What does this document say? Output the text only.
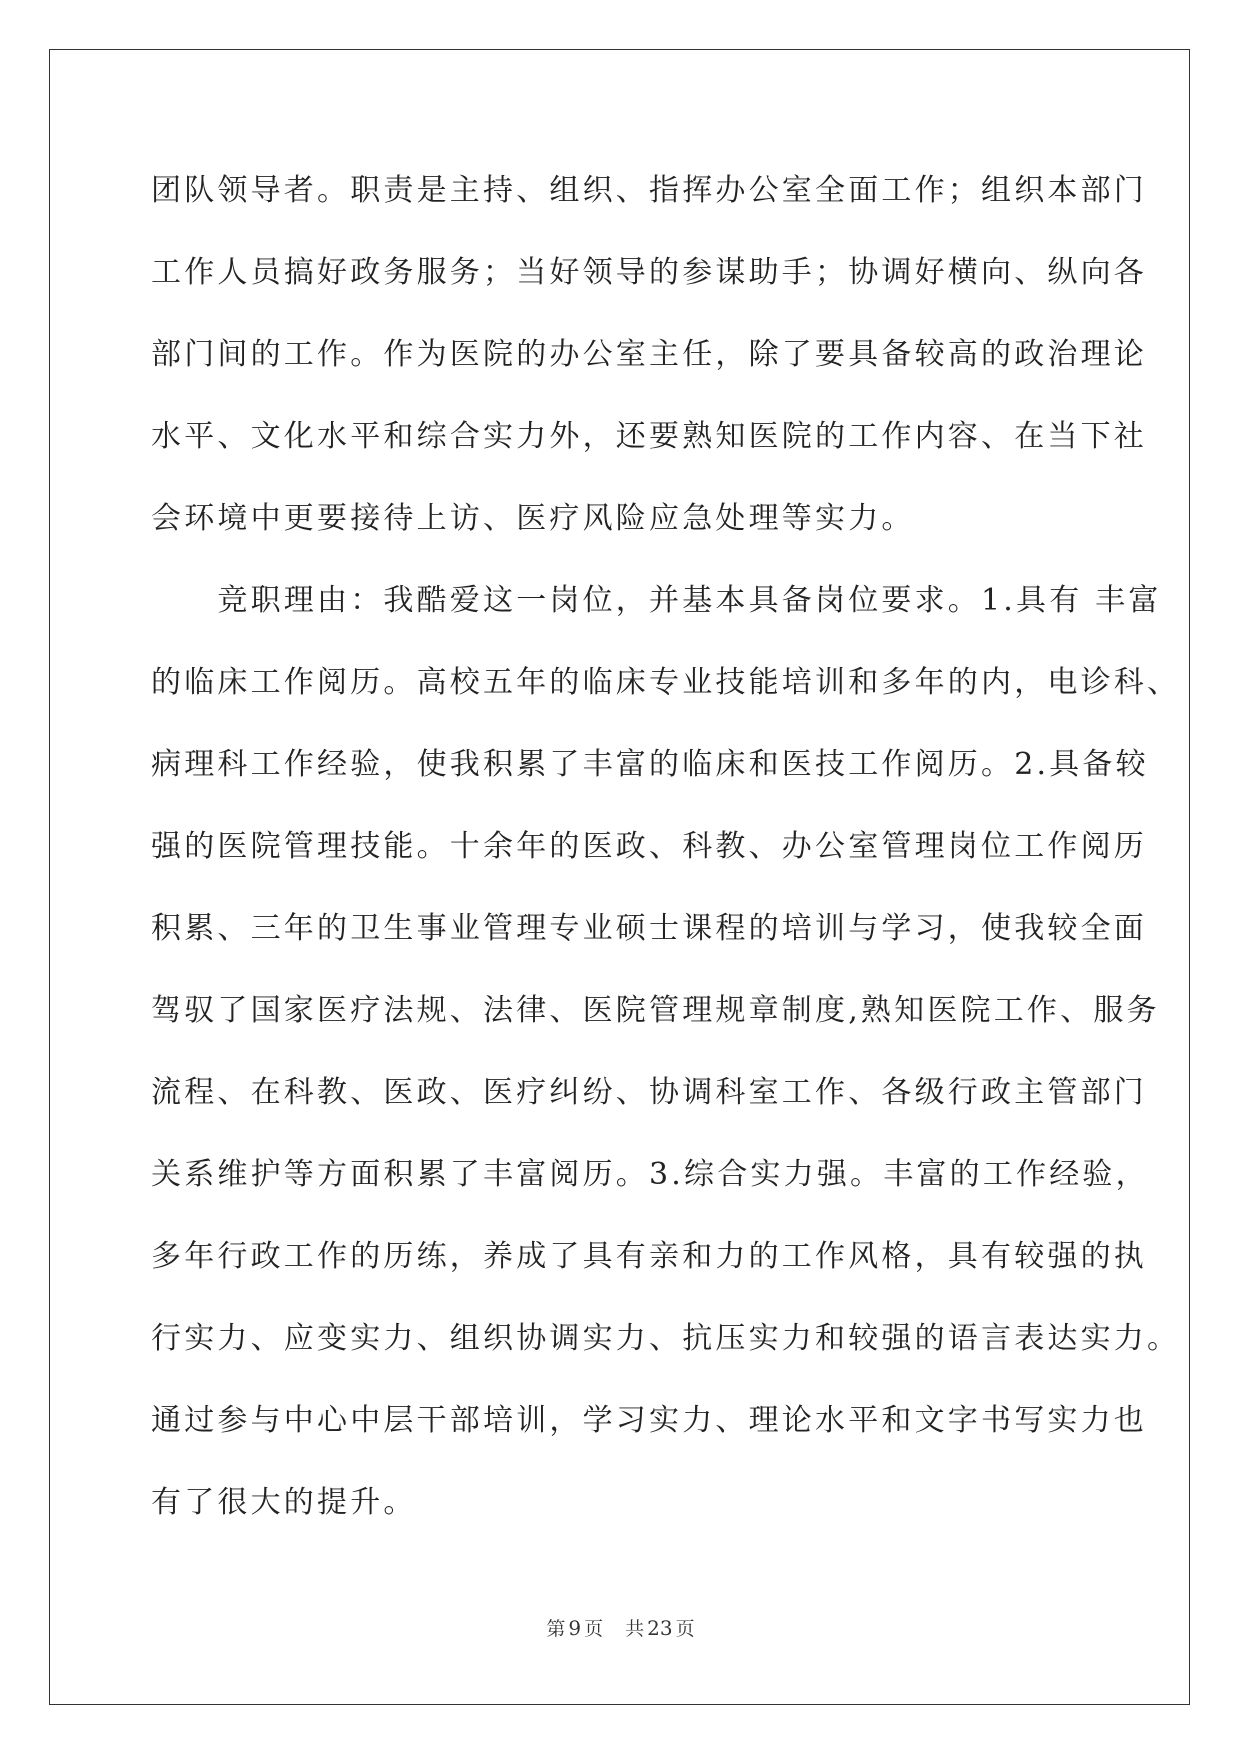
团队领导者。职责是主持、组织、指挥办公室全面工作；组织本部门
工作人员搞好政务服务；当好领导的参谋助手；协调好横向、纵向各
部门间的工作。作为医院的办公室主任，除了要具备较高的政治理论
水平、文化水平和综合实力外，还要熟知医院的工作内容、在当下社
会环境中更要接待上访、医疗风险应急处理等实力。
　　竞职理由：我酷爱这一岗位，并基本具备岗位要求。1.具有 丰富
的临床工作阅历。高校五年的临床专业技能培训和多年的内，电诊科、
病理科工作经验，使我积累了丰富的临床和医技工作阅历。2.具备较
强的医院管理技能。十余年的医政、科教、办公室管理岗位工作阅历
积累、三年的卫生事业管理专业硕士课程的培训与学习，使我较全面
驾驭了国家医疗法规、法律、医院管理规章制度,熟知医院工作、服务
流程、在科教、医政、医疗纠纷、协调科室工作、各级行政主管部门
关系维护等方面积累了丰富阅历。3.综合实力强。丰富的工作经验，
多年行政工作的历练，养成了具有亲和力的工作风格，具有较强的执
行实力、应变实力、组织协调实力、抗压实力和较强的语言表达实力。
通过参与中心中层干部培训，学习实力、理论水平和文字书写实力也
有了很大的提升。
第 9 页 共 23 页
